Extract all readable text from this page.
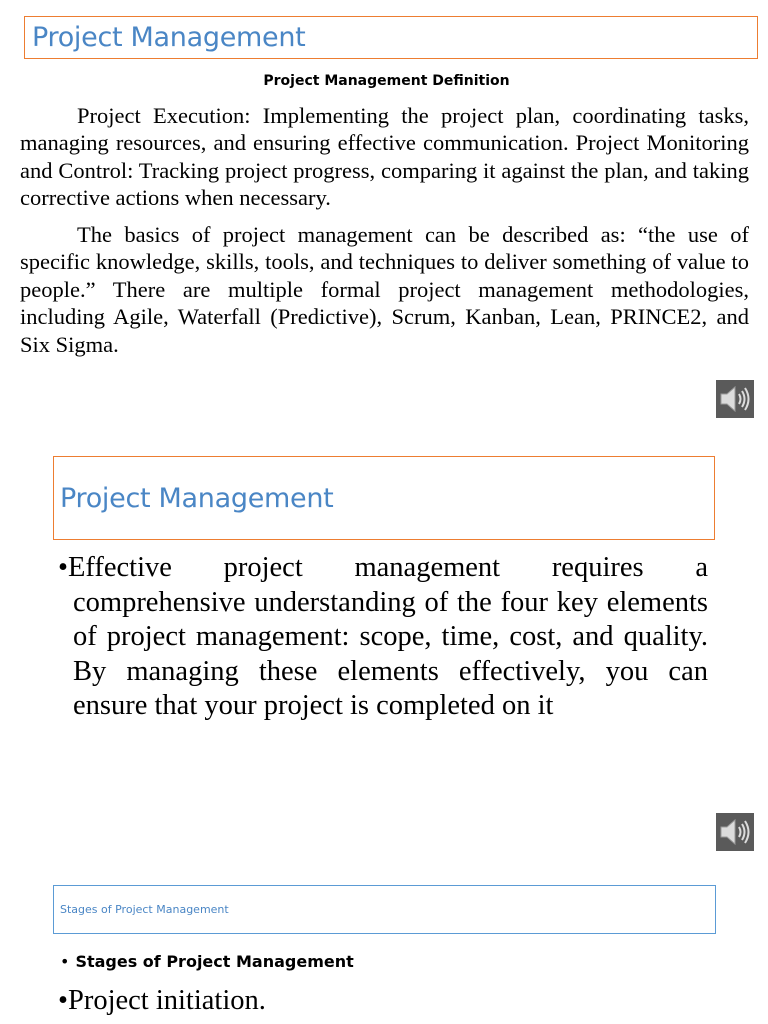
Project Management
Project Management Definition

Project Execution: Implementing the project plan, coordinating tasks, managing resources, and ensuring effective communication. Project Monitoring and Control: Tracking project progress, comparing it against the plan, and taking corrective actions when necessary.

The basics of project management can be described as: “the use of specific knowledge, skills, tools, and techniques to deliver something of value to people.” There are multiple formal project management methodologies, including Agile, Waterfall (Predictive), Scrum, Kanban, Lean, PRINCE2, and Six Sigma.

Project Management

•Effective project management requires a comprehensive understanding of the four key elements of project management: scope, time, cost, and quality. By managing these elements effectively, you can ensure that your project is completed on it

Stages of Project Management
• Stages of Project Management

•Project initiation.
